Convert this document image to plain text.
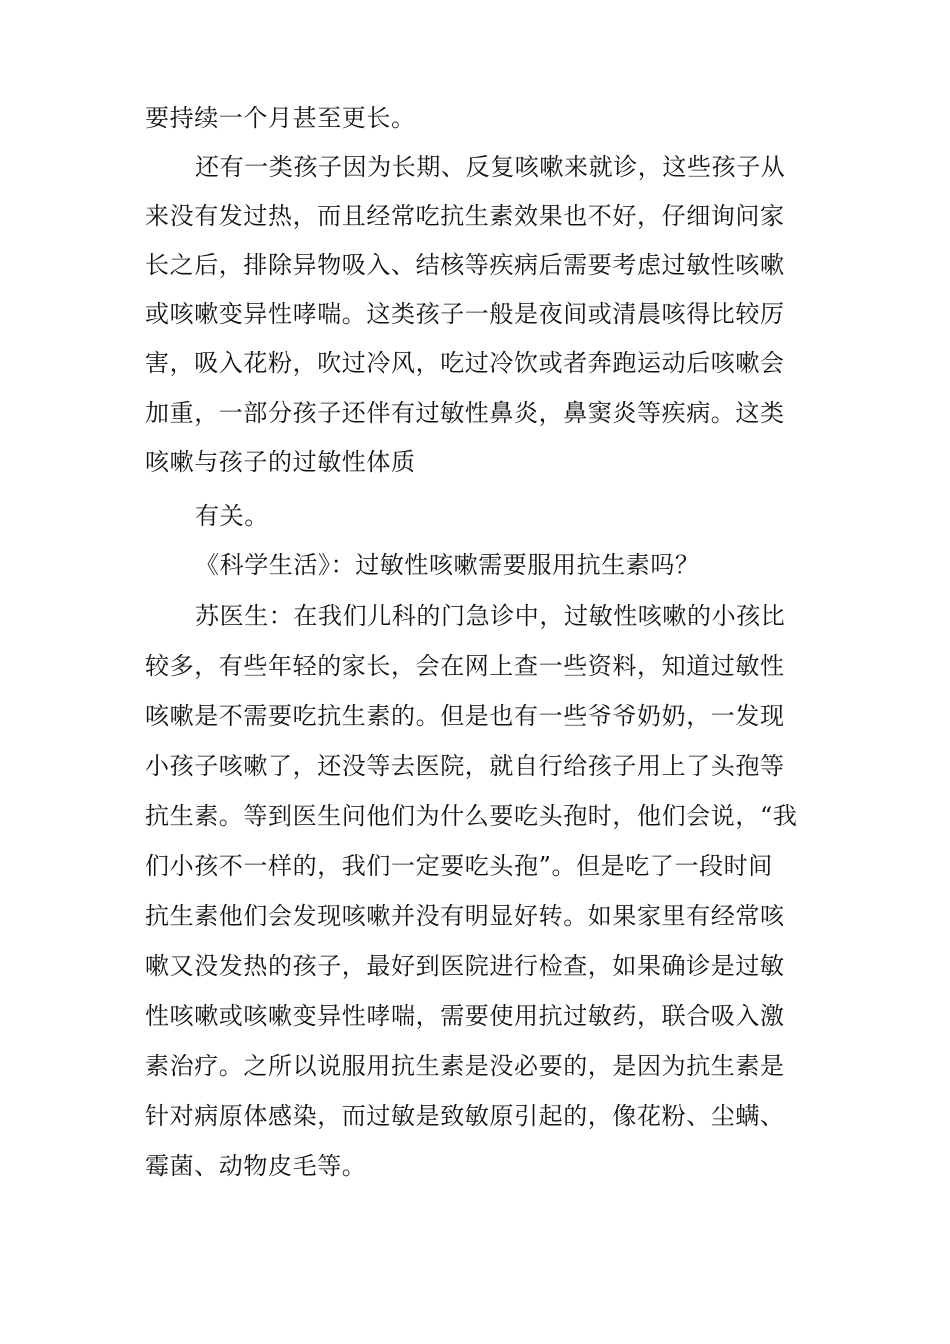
要持续一个月甚至更长。
还有一类孩子因为长期、反复咳嗽来就诊，这些孩子从
来没有发过热，而且经常吃抗生素效果也不好，仔细询问家
长之后，排除异物吸入、结核等疾病后需要考虑过敏性咳嗽
或咳嗽变异性哮喘。这类孩子一般是夜间或清晨咳得比较厉
害，吸入花粉，吹过冷风，吃过冷饮或者奔跑运动后咳嗽会
加重，一部分孩子还伴有过敏性鼻炎，鼻窦炎等疾病。这类
咳嗽与孩子的过敏性体质
有关。
《科学生活》：过敏性咳嗽需要服用抗生素吗？
苏医生：在我们儿科的门急诊中，过敏性咳嗽的小孩比
较多，有些年轻的家长，会在网上查一些资料，知道过敏性
咳嗽是不需要吃抗生素的。但是也有一些爷爷奶奶，一发现
小孩子咳嗽了，还没等去医院，就自行给孩子用上了头孢等
抗生素。等到医生问他们为什么要吃头孢时，他们会说，“我
们小孩不一样的，我们一定要吃头孢”。但是吃了一段时间
抗生素他们会发现咳嗽并没有明显好转。如果家里有经常咳
嗽又没发热的孩子，最好到医院进行检查，如果确诊是过敏
性咳嗽或咳嗽变异性哮喘，需要使用抗过敏药，联合吸入激
素治疗。之所以说服用抗生素是没必要的，是因为抗生素是
针对病原体感染，而过敏是致敏原引起的，像花粉、尘螨、
霉菌、动物皮毛等。
